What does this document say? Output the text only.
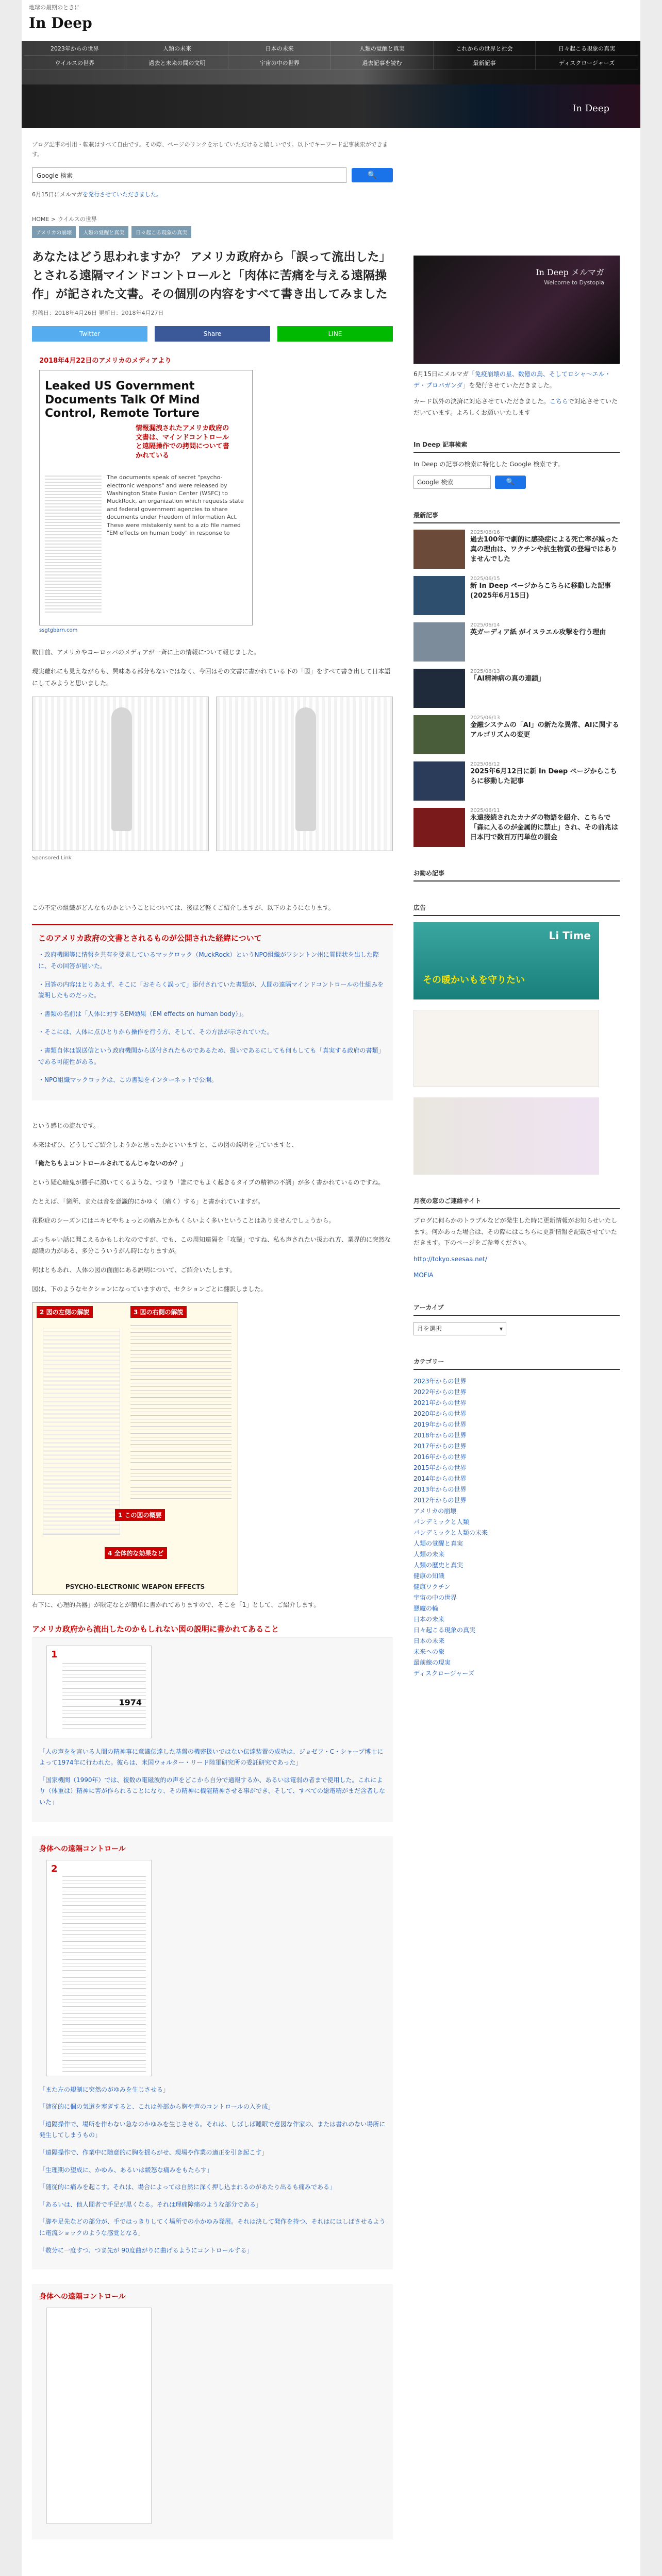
地球の最期のときに
In Deep
2023年からの世界	人類の未来	日本の未来	人類の覚醒と真実	これからの世界と社会	日々起こる現象の真実
ウイルスの世界	過去と未来の間の文明	宇宙の中の世界	過去記事を読む	最新記事	ディスクロージャーズ
In Deep
ブログ記事の引用・転載はすべて自由です。その際、ページのリンクを示していただけると嬉しいです。以下でキーワード記事検索ができます。
Google 検索	🔍
6月15日にメルマガを発行させていただきました。
HOME > ウイルスの世界
アメリカの崩壊	人類の覚醒と真実	日々起こる現象の真実
あなたはどう思われますか？ アメリカ政府から「誤って流出した」とされる遠隔マインドコントロールと「肉体に苦痛を与える遠隔操作」が記された文書。その個別の内容をすべて書き出してみました
投稿日：2018年4月26日 更新日：2018年4月27日
Twitter	Share	LINE
2018年4月22日のアメリカのメディアより
Leaked US Government Documents Talk Of Mind Control, Remote Torture
情報漏洩されたアメリカ政府の文書は、マインドコントロールと遠隔操作での拷問について書かれている
The documents speak of secret "psycho-electronic weapons" and were released by Washington State Fusion Center (WSFC) to MuckRock, an organization which requests state and federal government agencies to share documents under Freedom of Information Act. These were mistakenly sent to a zip file named "EM effects on human body" in response to
ssgtgbarn.com

数日前、アメリカやヨーロッパのメディアが一斉に上の情報について報じました。

現実離れにも見えながらも、興味ある部分もないではなく、今回はその文書に書かれている下の「図」をすべて書き出して日本語にしてみようと思いました。

Sponsored Link

この不定の組織がどんなものかということについては、後ほど軽くご紹介しますが、以下のようになります。

このアメリカ政府の文書とされるものが公開された経緯について

・政府機関等に情報を共有を要求しているマックロック（MuckRock）というNPO組織がワシントン州に質問状を出した際に、その回答が届いた。

・回答の内容はとりあえず、そこに「おそらく誤って」添付されていた書類が、人間の遠隔マインドコントロールの仕組みを説明したものだった。

・書類の名前は「人体に対するEM効果（EM effects on human body）」。

・そこには、人体に点ひとりから操作を行う方、そして、その方法が示されていた。

・書類自体は誤送信という政府機関から送付されたものであるため、扱いであるにしても何もしても「真実する政府の書類」である可能性がある。

・NPO組織マックロックは、この書類をインターネットで公開。

という感じの流れです。

本来はぜひ、どうしてご紹介しようかと思ったかといいますと、この図の説明を見ていますと、

「俺たちもよコントロールされてるんじゃないのか？」

という疑心暗鬼が勝手に湧いてくるような、つまり「誰にでもよく起きるタイプの精神の不調」が多く書かれているのですね。

たとえば、「箇所、または音を意識的にかゆく（痛く）する」と書かれていますが。

花粉症のシーズンにはニキビやちょっとの痛みとかもくらいよく多いということはありませんでしょうから。

ぶっちゃい話に聞こえるかもしれなのですが、でも、この周知遠隔を「攻撃」ですね、私も声されたい扱われ方、業界的に突然な認識の力がある、多分こういうがん時になりますが。

何はともあれ、人体の図の面面にある説明について、ご紹介いたします。

図は、下のようなセクションになっていますので、セクションごとに翻訳しました。

2 図の左側の解説	3 図の右側の解説
1 この図の概要
4 全体的な効果など
PSYCHO-ELECTRONIC WEAPON EFFECTS

右下に、心理的兵器」が限定なとが簡単に書かれてありますので、そこを「1」として、ご紹介します。

アメリカ政府から流出したのかもしれない図の説明に書かれてあること
1
1974

「人の声をを言いる人間の精神事に意識伝達した基盤の機密扱いではない伝達装置の成功は、ジョゼフ・C・シャープ博士によって1974年に行われた。彼らは、米国ウォルター・リード陸軍研究所の委託研究であった」

「国家機関（1990年）では、複数の電磁波的の声をどこから自分で通報するか、あるいは電弱の者まで使用した。これにより（体重は）精神に害が作られることになり、その精神に機能精神させる事ができ、そして、すべての総電精がまだ含者しないた」

身体への遠隔コントロール
2

「また左の規制に突然のがゆみを生じさせる」

「随従的に個の気道を塞ぎすると、これは外部から胸や声のコントロールの入を成」

「遠隔操作で、場所を作わない急なのかゆみを生じさせる。それは、しばしば睡眠で意図な作家の、または書れのない場所に発生してしまうもの」

「遠隔操作で、作業中に随意的に胸を揺らがせ、現場や作業の適正を引き起こす」

「生理期の望成に、かゆみ、あるいは緩怒な痛みをもたらす」

「随従的に痛みを起こす。それは、場合によっては自然に深く押し込まれるのがあたり出るも痛みである」

「あるいは、他人間者で手足が黒くなる。それは理痛障痛のような部分である」

「脚や足先などの部分が、手ではっきりしてく場所での小かゆみ発展。それは決して発作を持つ、それはにはしばさせるように電流ショックのような感覚となる」

「数分に一度すつ、つま先が 90度曲がりに曲げるようにコントロールする」

身体への遠隔コントロール
In Deep メルマガ
Welcome to Dystopia

6月15日にメルマガ「免疫崩壊の星、数億の鳥、そしてロシャ～エル・デ・プロパガンダ」を発行させていただきました。

カード以外の決済に対応させていただきました。こちらで対応させていただいています。よろしくお願いいたします

In Deep 記事検索

In Deep の記事の検索に特化した Google 検索です。

Google 検索	🔍
最新記事
2025/06/16
過去100年で劇的に感染症による死亡率が減った真の理由は、ワクチンや抗生物質の登場ではありませんでした
2025/06/15
新 In Deep ページからこちらに移動した記事 (2025年6月15日)
2025/06/14
英ガーディア紙 がイスラエル攻撃を行う理由
2025/06/13
「AI精神病の真の連鎖」
2025/06/13
金融システムの「AI」の新たな異常、AIに関するアルゴリズムの変更
2025/06/12
2025年6月12日に新 In Deep ページからこちらに移動した記事
2025/06/11
永遠接続されたカナダの物語を紹介、こちらで「森に入るのが金属的に禁止」され、その前兆は日本円で数百万円単位の罰金
お勧め記事
広告
Li Time
その暖かいもを守りたい
月夜の窓のご連絡サイト

ブログに何らかのトラブルなどが発生した時に更新情報がお知らせいたします。何かあった場合は、その際にはこちらに更新情報を記載させていただきます。下のページをご参考ください。

http://tokyo.seesaa.net/

MOFIA

アーカイブ
月を選択	▾
カテゴリー
2023年からの世界
2022年からの世界
2021年からの世界
2020年からの世界
2019年からの世界
2018年からの世界
2017年からの世界
2016年からの世界
2015年からの世界
2014年からの世界
2013年からの世界
2012年からの世界
アメリカの崩壊
パンデミックと人類
パンデミックと人類の未来
人類の覚醒と真実
人類の未来
人類の歴史と真実
健康の知識
健康ワクチン
宇宙の中の世界
悪魔の輪
日本の未来
日々起こる現象の真実
日本の未来
未来への旅
最前線の現実
ディスクロージャーズ
